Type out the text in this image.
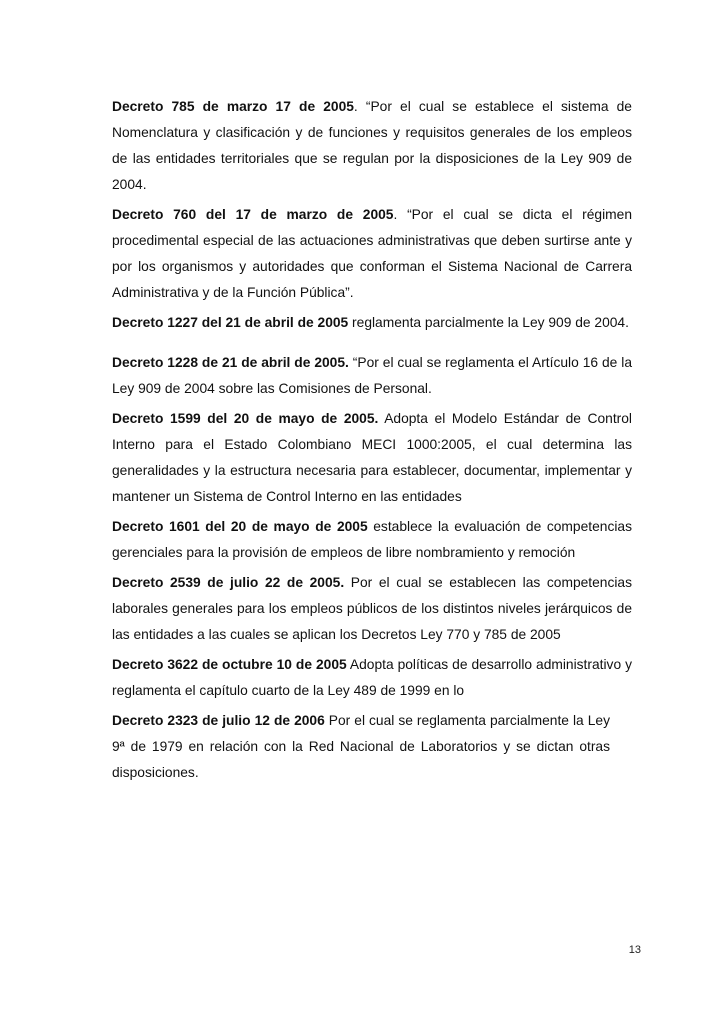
Decreto 785 de marzo 17 de 2005. “Por el cual se establece el sistema de Nomenclatura y clasificación y de funciones y requisitos generales de los empleos de las entidades territoriales que se regulan por la disposiciones de la Ley 909 de 2004.

Decreto 760 del 17 de marzo de 2005. “Por el cual se dicta el régimen procedimental especial de las actuaciones administrativas que deben surtirse ante y por los organismos y autoridades que conforman el Sistema Nacional de Carrera Administrativa y de la Función Pública”.

Decreto 1227 del 21 de abril de 2005 reglamenta parcialmente la Ley 909 de 2004.

Decreto 1228 de 21 de abril de 2005. “Por el cual se reglamenta el Artículo 16 de la Ley 909 de 2004 sobre las Comisiones de Personal.

Decreto 1599 del 20 de mayo de 2005. Adopta el Modelo Estándar de Control Interno para el Estado Colombiano MECI 1000:2005, el cual determina las generalidades y la estructura necesaria para establecer, documentar, implementar y mantener un Sistema de Control Interno en las entidades

Decreto 1601 del 20 de mayo de 2005 establece la evaluación de competencias gerenciales para la provisión de empleos de libre nombramiento y remoción

Decreto 2539 de julio 22 de 2005. Por el cual se establecen las competencias laborales generales para los empleos públicos de los distintos niveles jerárquicos de las entidades a las cuales se aplican los Decretos Ley 770 y 785 de 2005

Decreto 3622 de octubre 10 de 2005 Adopta políticas de desarrollo administrativo y reglamenta el capítulo cuarto de la Ley 489 de 1999 en lo

Decreto 2323 de julio 12 de 2006 Por el cual se reglamenta parcialmente la Ley 9ª de 1979 en relación con la Red Nacional de Laboratorios y se dictan otras disposiciones.

13
